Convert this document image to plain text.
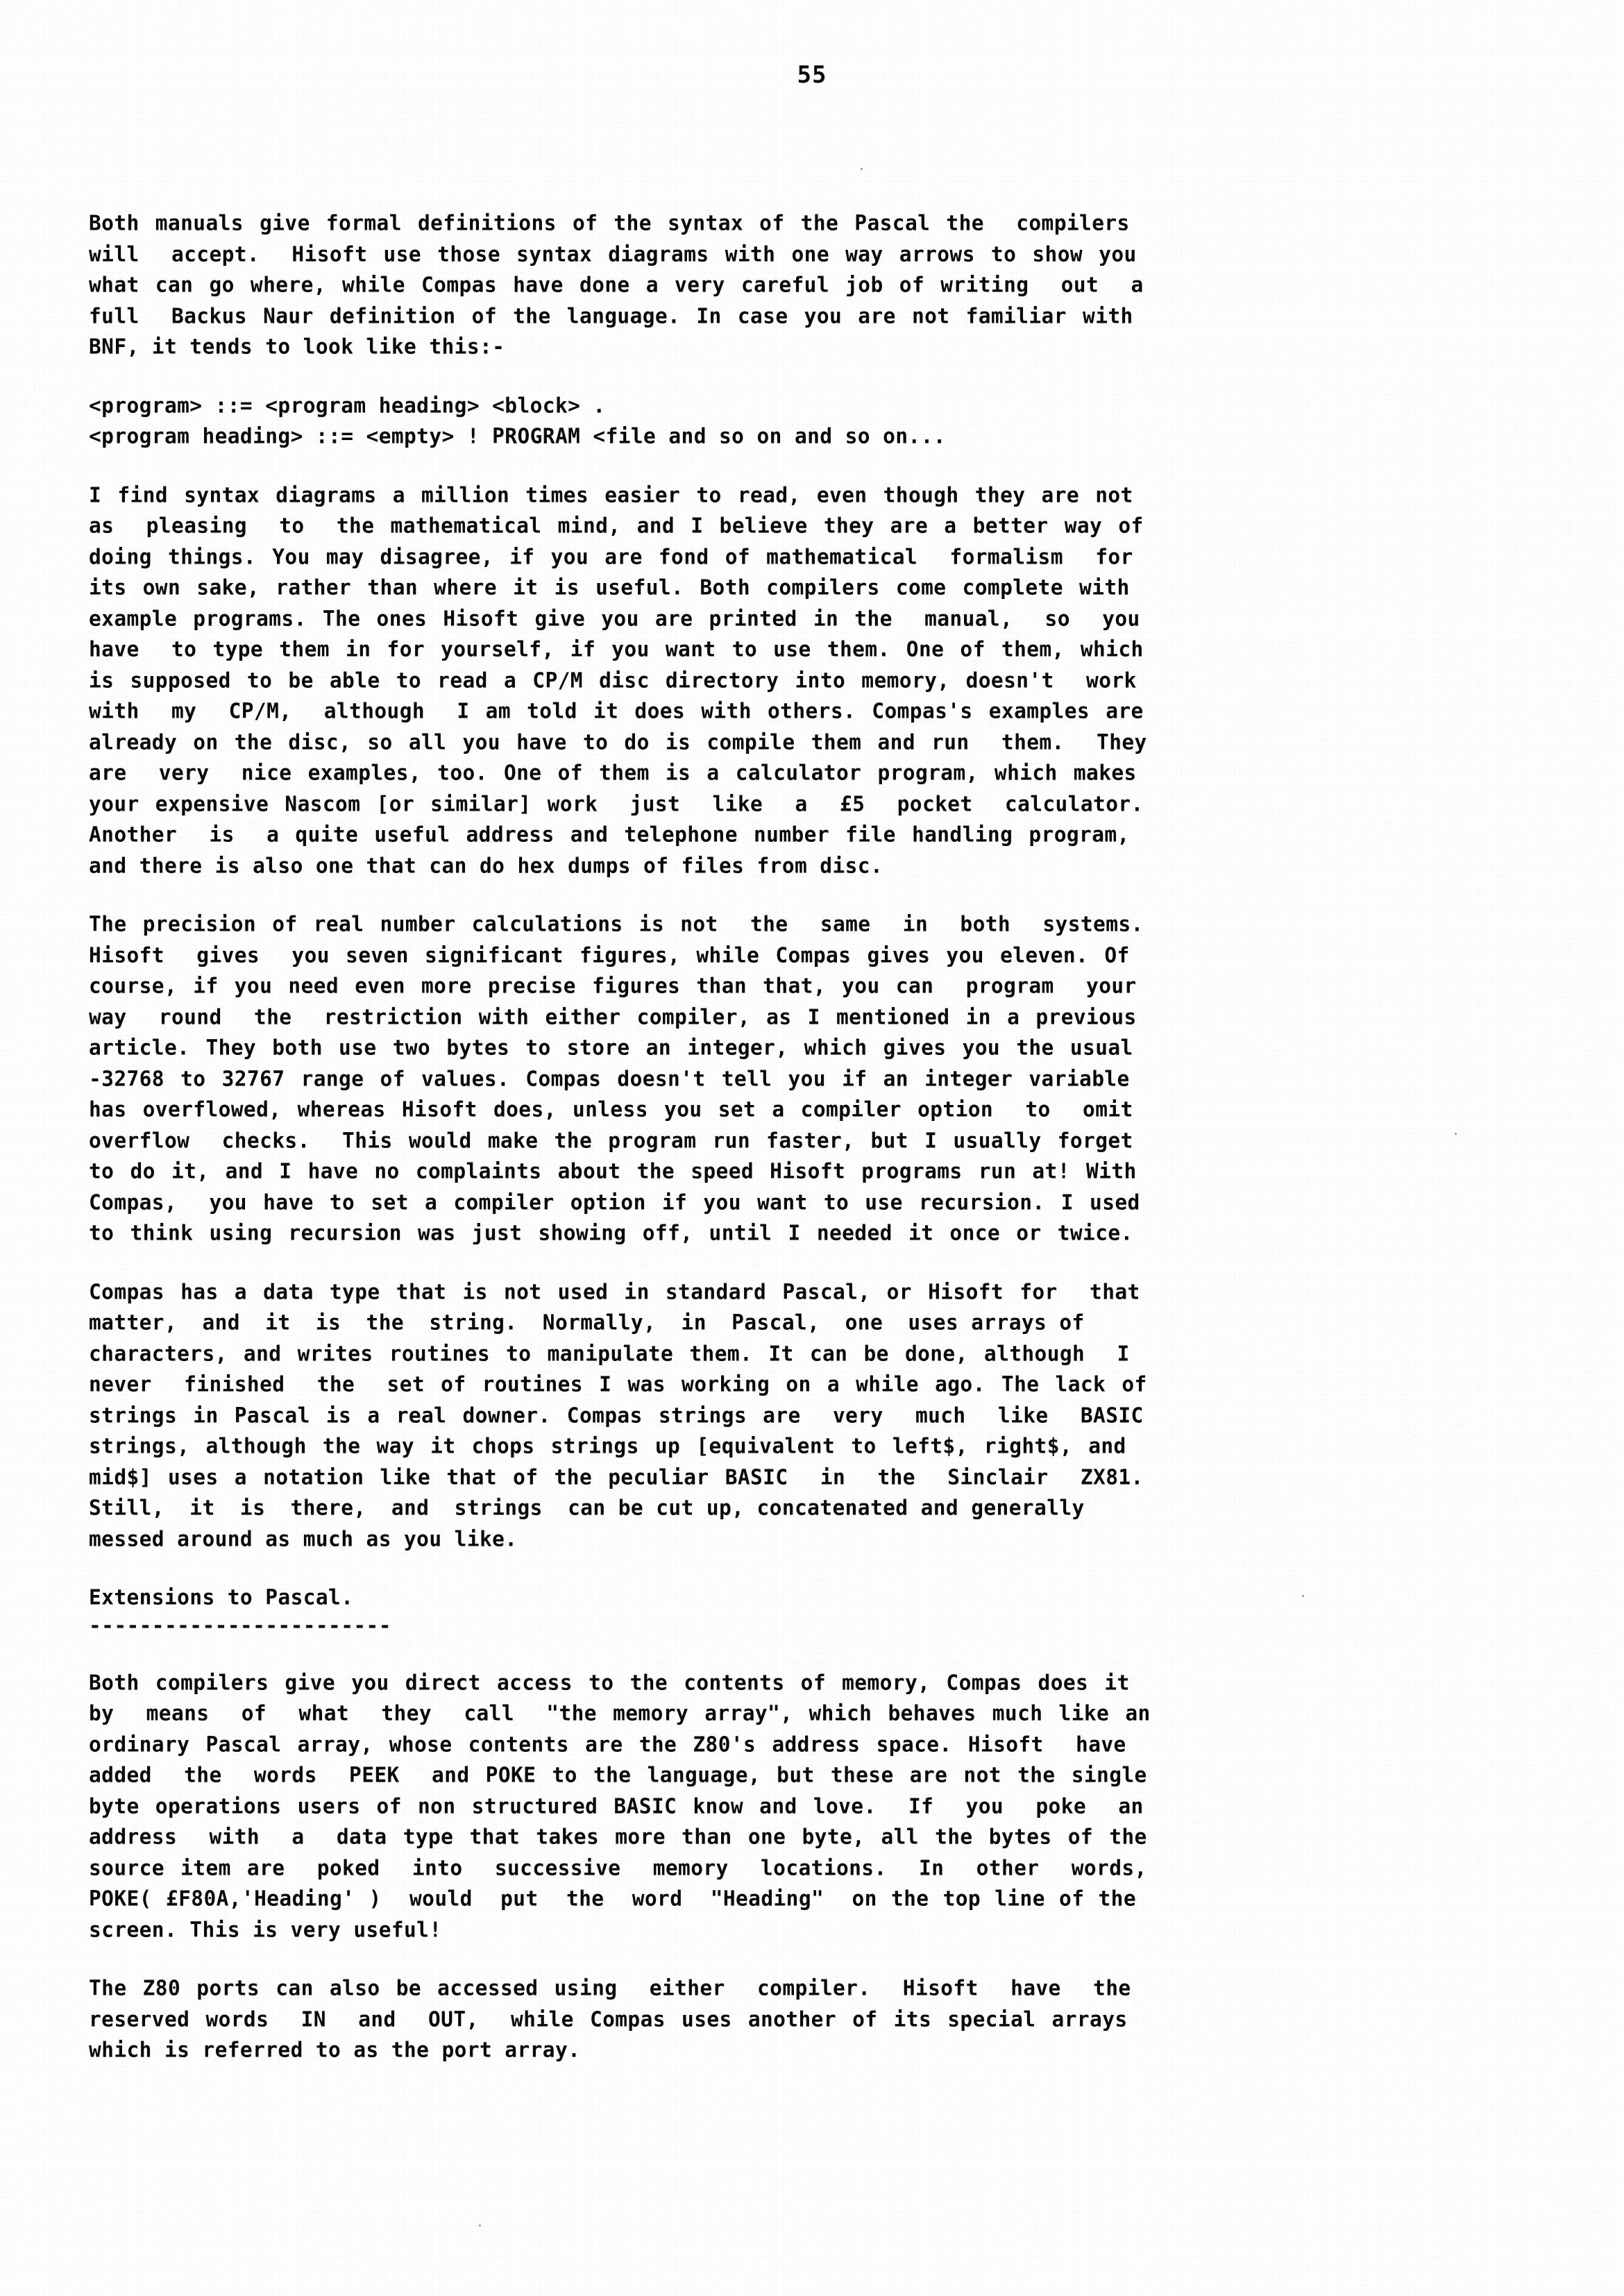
55
Both manuals give formal definitions of the syntax of the Pascal the  compilers
will  accept.  Hisoft use those syntax diagrams with one way arrows to show you
what can go where, while Compas have done a very careful job of writing  out  a
full  Backus Naur definition of the language. In case you are not familiar with
BNF, it tends to look like this:-
<program> ::= <program heading> <block> .
<program heading> ::= <empty> ! PROGRAM <file and so on and so on...
I find syntax diagrams a million times easier to read, even though they are not
as  pleasing  to  the mathematical mind, and I believe they are a better way of
doing things. You may disagree, if you are fond of mathematical  formalism  for
its own sake, rather than where it is useful. Both compilers come complete with
example programs. The ones Hisoft give you are printed in the  manual,  so  you
have  to type them in for yourself, if you want to use them. One of them, which
is supposed to be able to read a CP/M disc directory into memory, doesn't  work
with  my  CP/M,  although  I am told it does with others. Compas's examples are
already on the disc, so all you have to do is compile them and run  them.  They
are  very  nice examples, too. One of them is a calculator program, which makes
your expensive Nascom [or similar] work  just  like  a  £5  pocket  calculator.
Another  is  a quite useful address and telephone number file handling program,
and there is also one that can do hex dumps of files from disc.
The precision of real number calculations is not  the  same  in  both  systems.
Hisoft  gives  you seven significant figures, while Compas gives you eleven. Of
course, if you need even more precise figures than that, you can  program  your
way  round  the  restriction with either compiler, as I mentioned in a previous
article. They both use two bytes to store an integer, which gives you the usual
-32768 to 32767 range of values. Compas doesn't tell you if an integer variable
has overflowed, whereas Hisoft does, unless you set a compiler option  to  omit
overflow  checks.  This would make the program run faster, but I usually forget
to do it, and I have no complaints about the speed Hisoft programs run at! With
Compas,  you have to set a compiler option if you want to use recursion. I used
to think using recursion was just showing off, until I needed it once or twice.
Compas has a data type that is not used in standard Pascal, or Hisoft for  that
matter,  and  it  is  the  string.  Normally,  in  Pascal,  one  uses arrays of
characters, and writes routines to manipulate them. It can be done, although  I
never  finished  the  set of routines I was working on a while ago. The lack of
strings in Pascal is a real downer. Compas strings are  very  much  like  BASIC
strings, although the way it chops strings up [equivalent to left$, right$, and
mid$] uses a notation like that of the peculiar BASIC  in  the  Sinclair  ZX81.
Still,  it  is  there,  and  strings  can be cut up, concatenated and generally
messed around as much as you like.
Extensions to Pascal.
------------------------
Both compilers give you direct access to the contents of memory, Compas does it
by  means  of  what  they  call  "the memory array", which behaves much like an
ordinary Pascal array, whose contents are the Z80's address space. Hisoft  have
added  the  words  PEEK  and POKE to the language, but these are not the single
byte operations users of non structured BASIC know and love.  If  you  poke  an
address  with  a  data type that takes more than one byte, all the bytes of the
source item are  poked  into  successive  memory  locations.  In  other  words,
POKE( £F80A,'Heading' )  would  put  the  word  "Heading"  on the top line of the
screen. This is very useful!
The Z80 ports can also be accessed using  either  compiler.  Hisoft  have  the
reserved words  IN  and  OUT,  while Compas uses another of its special arrays
which is referred to as the port array.
